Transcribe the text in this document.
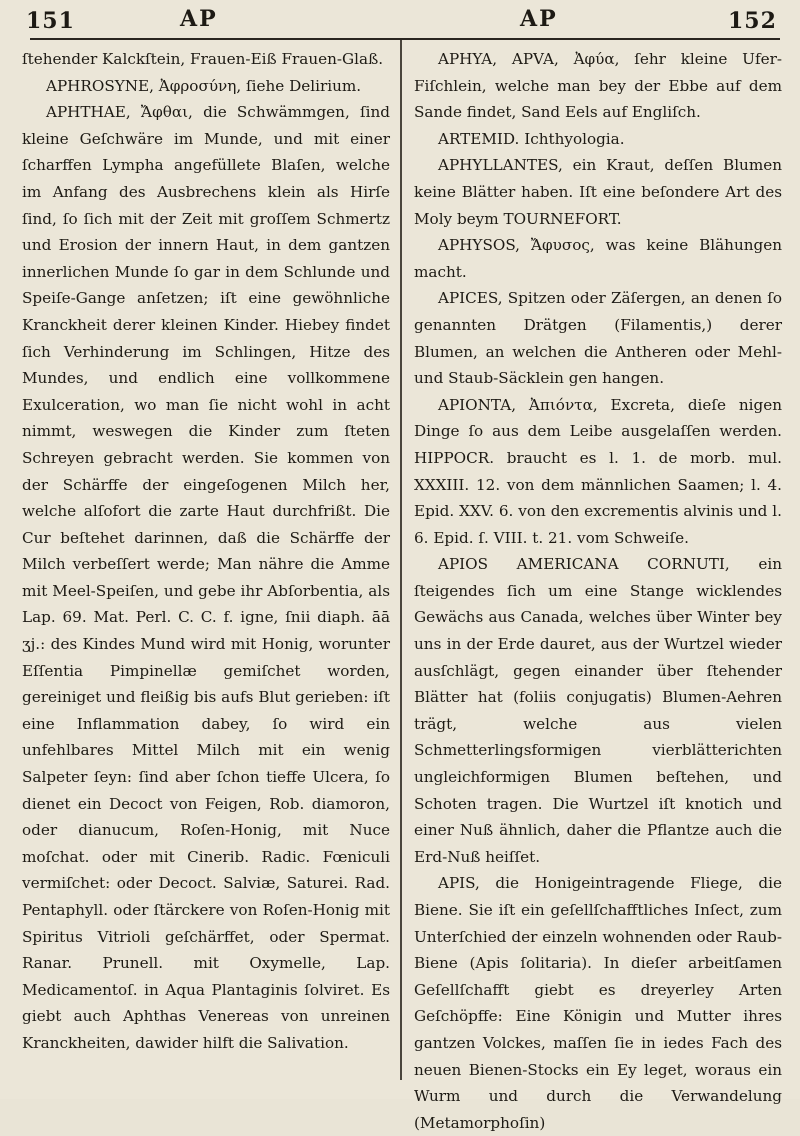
151	AP	AP	152

ſtehender Kalckſtein, Frauen-Eiß Frauen-Glaß.

APHROSYNE, Ἀφροσύνη, ſiehe Delirium.

APHTHAE, Ἄφθαι, die Schwämmgen, ſind kleine Geſchwäre im Munde, und mit einer ſcharffen Lympha angefüllete Blaſen, welche im Anfang des Ausbrechens klein als Hirſe ſind, ſo ſich mit der Zeit mit groſſem Schmertz und Erosion der innern Haut, in dem gantzen innerlichen Munde ſo gar in dem Schlunde und Speiſe-Gange anſetzen; iſt eine gewöhnliche Kranckheit derer kleinen Kinder. Hiebey findet ſich Verhinderung im Schlingen, Hitze des Mundes, und endlich eine vollkommene Exulceration, wo man ſie nicht wohl in acht nimmt, weswegen die Kinder zum ſteten Schreyen gebracht werden. Sie kommen von der Schärffe der eingeſogenen Milch her, welche alſofort die zarte Haut durchfrißt. Die Cur beſtehet darinnen, daß die Schärffe der Milch verbeſſert werde; Man nähre die Amme mit Meel-Speiſen, und gebe ihr Abſorbentia, als Lap. 69. Mat. Perl. C. C. f. igne, ſnii diaph. āā ʒj.: des Kindes Mund wird mit Honig, worunter Eſſentia Pimpinellæ gemiſchet worden, gereiniget und fleißig bis aufs Blut gerieben: iſt eine Inflammation dabey, ſo wird ein unfehlbares Mittel Milch mit ein wenig Salpeter ſeyn: ſind aber ſchon tieffe Ulcera, ſo dienet ein Decoct von Feigen, Rob. diamoron, oder dianucum, Roſen-Honig, mit Nuce moſchat. oder mit Cinerib. Radic. Fœniculi vermiſchet: oder Decoct. Salviæ, Saturei. Rad. Pentaphyll. oder ſtärckere von Roſen-Honig mit Spiritus Vitrioli geſchärffet, oder Spermat. Ranar. Prunell. mit Oxymelle, Lap. Medicamentoſ. in Aqua Plantaginis ſolviret. Es giebt auch Aphthas Venereas von unreinen Kranckheiten, dawider hilft die Salivation.

APHYA, APVA, Ἀφύα, ſehr kleine Ufer-Fiſchlein, welche man bey der Ebbe auf dem Sande findet, Sand Eels auf Engliſch.

ARTEMID. Ichthyologia.

APHYLLANTES, ein Kraut, deſſen Blumen keine Blätter haben. Iſt eine beſondere Art des Moly beym TOURNEFORT.

APHYSOS, Ἄφυσος, was keine Blähungen macht.

APICES, Spitzen oder Zäſergen, an denen ſo genannten Drätgen (Filamentis,) derer Blumen, an welchen die Antheren oder Mehl- und Staub-Säcklein gen hangen.

APIONTA, Ἀπιόντα, Excreta, dieſe nigen Dinge ſo aus dem Leibe ausgelaſſen werden. HIPPOCR. braucht es l. 1. de morb. mul. XXXIII. 12. von dem männlichen Saamen; l. 4. Epid. XXV. 6. von den excrementis alvinis und l. 6. Epid. ſ. VIII. t. 21. vom Schweiſe.

APIOS AMERICANA CORNUTI, ein ſteigendes ſich um eine Stange wicklendes Gewächs aus Canada, welches über Winter bey uns in der Erde dauret, aus der Wurtzel wieder ausſchlägt, gegen einander über ſtehender Blätter hat (foliis conjugatis) Blumen-Aehren trägt, welche aus vielen Schmetterlingsformigen vierblätterichten ungleichformigen Blumen beſtehen, und Schoten tragen. Die Wurtzel iſt knotich und einer Nuß ähnlich, daher die Pflantze auch die Erd-Nuß heiſſet.

APIS, die Honigeintragende Fliege, die Biene. Sie iſt ein geſellſchafftliches Inſect, zum Unterſchied der einzeln wohnenden oder Raub-Biene (Apis ſolitaria). In dieſer arbeitſamen Geſellſchafft giebt es dreyerley Arten Geſchöpffe: Eine Königin und Mutter ihres gantzen Volckes, maſſen ſie in iedes Fach des neuen Bienen-Stocks ein Ey leget, woraus ein Wurm und durch die Verwandelung (Metamorphoſin)
